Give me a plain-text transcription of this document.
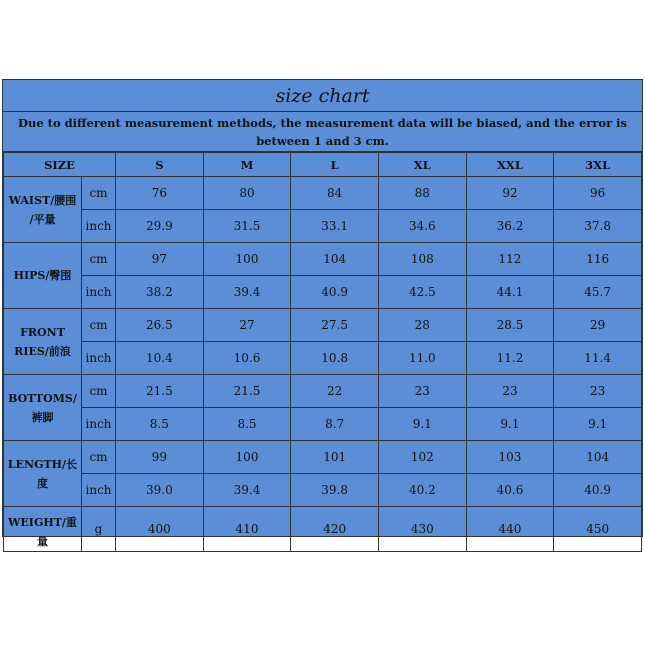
size chart
Due to different measurement methods, the measurement data will be biased, and the error is between 1 and 3 cm.
SIZE		S	M	L	XL	XXL	3XL

WAIST/腰围
/平量	cm	76	80	84	88	92	96
	inch	29.9	31.5	33.1	34.6	36.2	37.8

HIPS/臀围	cm	97	100	104	108	112	116
	inch	38.2	39.4	40.9	42.5	44.1	45.7

FRONT
RIES/前浪	cm	26.5	27	27.5	28	28.5	29
	inch	10.4	10.6	10.8	11.0	11.2	11.4

BOTTOMS/
裤脚	cm	21.5	21.5	22	23	23	23
	inch	8.5	8.5	8.7	9.1	9.1	9.1

LENGTH/长
度	cm	99	100	101	102	103	104
	inch	39.0	39.4	39.8	40.2	40.6	40.9

WEIGHT/重
量	g	400	410	420	430	440	450
